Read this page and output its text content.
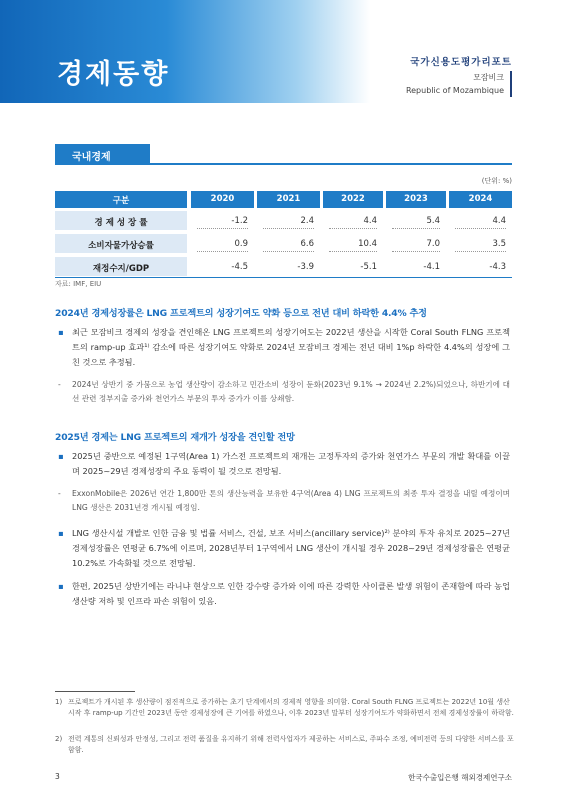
경제동향	국가신용도평가리포트
모잠비크
Republic of Mozambique
국내경제
(단위: %)
구분	2020	2021	2022	2023	2024
경 제 성 장 률	-1.2	2.4	4.4	5.4	4.4
소비자물가상승률	0.9	6.6	10.4	7.0	3.5
재정수지/GDP	-4.5	-3.9	-5.1	-4.1	-4.3
자료: IMF, EIU
2024년 경제성장률은 LNG 프로젝트의 성장기여도 약화 등으로 전년 대비 하락한 4.4% 추정
▪	최근 모잠비크 경제의 성장을 견인해온 LNG 프로젝트의 성장기여도는 2022년 생산을 시작한 Coral South FLNG 프로젝트의 ramp-up 효과¹⁾ 감소에 따른 성장기여도 약화로 2024년 모잠비크 경제는 전년 대비 1%p 하락한 4.4%의 성장에 그친 것으로 추정됨.
-	2024년 상반기 중 가뭄으로 농업 생산량이 감소하고 민간소비 성장이 둔화(2023년 9.1% → 2024년 2.2%)되었으나, 하반기에 대선 관련 정부지출 증가와 천연가스 부문의 투자 증가가 이를 상쇄함.
2025년 경제는 LNG 프로젝트의 재개가 성장을 견인할 전망
▪	2025년 중반으로 예정된 1구역(Area 1) 가스전 프로젝트의 재개는 고정투자의 증가와 천연가스 부문의 개발 확대를 이끌며 2025~29년 경제성장의 주요 동력이 될 것으로 전망됨.
-	ExxonMobile은 2026년 연간 1,800만 톤의 생산능력을 보유한 4구역(Area 4) LNG 프로젝트의 최종 투자 결정을 내릴 예정이며 LNG 생산은 2031년경 개시될 예정임.
▪	LNG 생산시설 개발로 인한 금융 및 법률 서비스, 건설, 보조 서비스(ancillary service)²⁾ 분야의 투자 유치로 2025~27년 경제성장률은 연평균 6.7%에 이르며, 2028년부터 1구역에서 LNG 생산이 개시될 경우 2028~29년 경제성장률은 연평균 10.2%로 가속화될 것으로 전망됨.
▪	한편, 2025년 상반기에는 라니냐 현상으로 인한 강수량 증가와 이에 따른 강력한 사이클론 발생 위험이 존재함에 따라 농업 생산량 저하 및 인프라 파손 위험이 있음.
1) 프로젝트가 개시된 후 생산량이 점진적으로 증가하는 초기 단계에서의 경제적 영향을 의미함. Coral South FLNG 프로젝트는 2022년 10월 생산 시작 후 ramp-up 기간인 2023년 동안 경제성장에 큰 기여를 하였으나, 이후 2023년 말부터 성장기여도가 약화하면서 전체 경제성장률이 하락함.
2) 전력 계통의 신뢰성과 안정성, 그리고 전력 품질을 유지하기 위해 전력사업자가 제공하는 서비스로, 주파수 조정, 예비전력 등의 다양한 서비스를 포함함.
3	한국수출입은행 해외경제연구소
